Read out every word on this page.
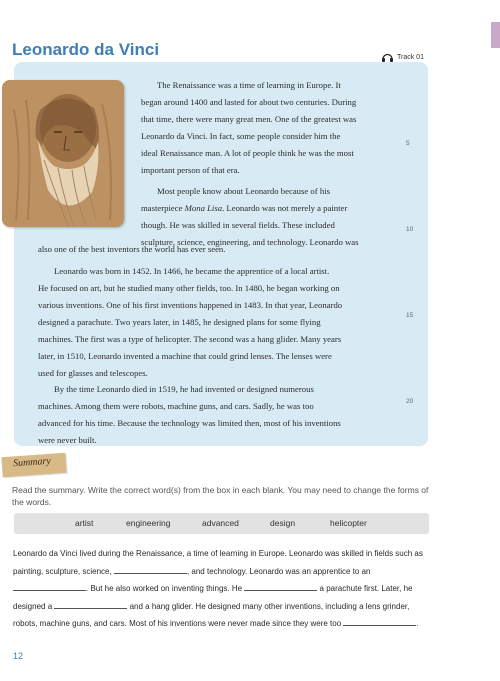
Leonardo da Vinci	Track 01
The Renaissance was a time of learning in Europe. It
began around 1400 and lasted for about two centuries. During
that time, there were many great men. One of the greatest was
Leonardo da Vinci. In fact, some people consider him the
ideal Renaissance man. A lot of people think he was the most
important person of that era.
Most people know about Leonardo because of his
masterpiece Mona Lisa. Leonardo was not merely a painter
though. He was skilled in several fields. These included
sculpture, science, engineering, and technology. Leonardo was
also one of the best inventors the world has ever seen.
Leonardo was born in 1452. In 1466, he became the apprentice of a local artist.
He focused on art, but he studied many other fields, too. In 1480, he began working on
various inventions. One of his first inventions happened in 1483. In that year, Leonardo
designed a parachute. Two years later, in 1485, he designed plans for some flying
machines. The first was a type of helicopter. The second was a hang glider. Many years
later, in 1510, Leonardo invented a machine that could grind lenses. The lenses were
used for glasses and telescopes.
By the time Leonardo died in 1519, he had invented or designed numerous
machines. Among them were robots, machine guns, and cars. Sadly, he was too
advanced for his time. Because the technology was limited then, most of his inventions
were never built.
5
10
15
20
Summary

Read the summary. Write the correct word(s) from the box in each blank. You may need to change the forms of the words.

artist	engineering	advanced	design	helicopter

Leonardo da Vinci lived during the Renaissance, a time of learning in Europe. Leonardo was skilled in fields such as painting, sculpture, science,	, and technology. Leonardo was an apprentice to an . But he also worked on inventing things. He	a parachute first. Later, he designed a	and a hang glider. He designed many other inventions, including a lens grinder, robots, machine guns, and cars. Most of his inventions were never made since they were too	.

12
